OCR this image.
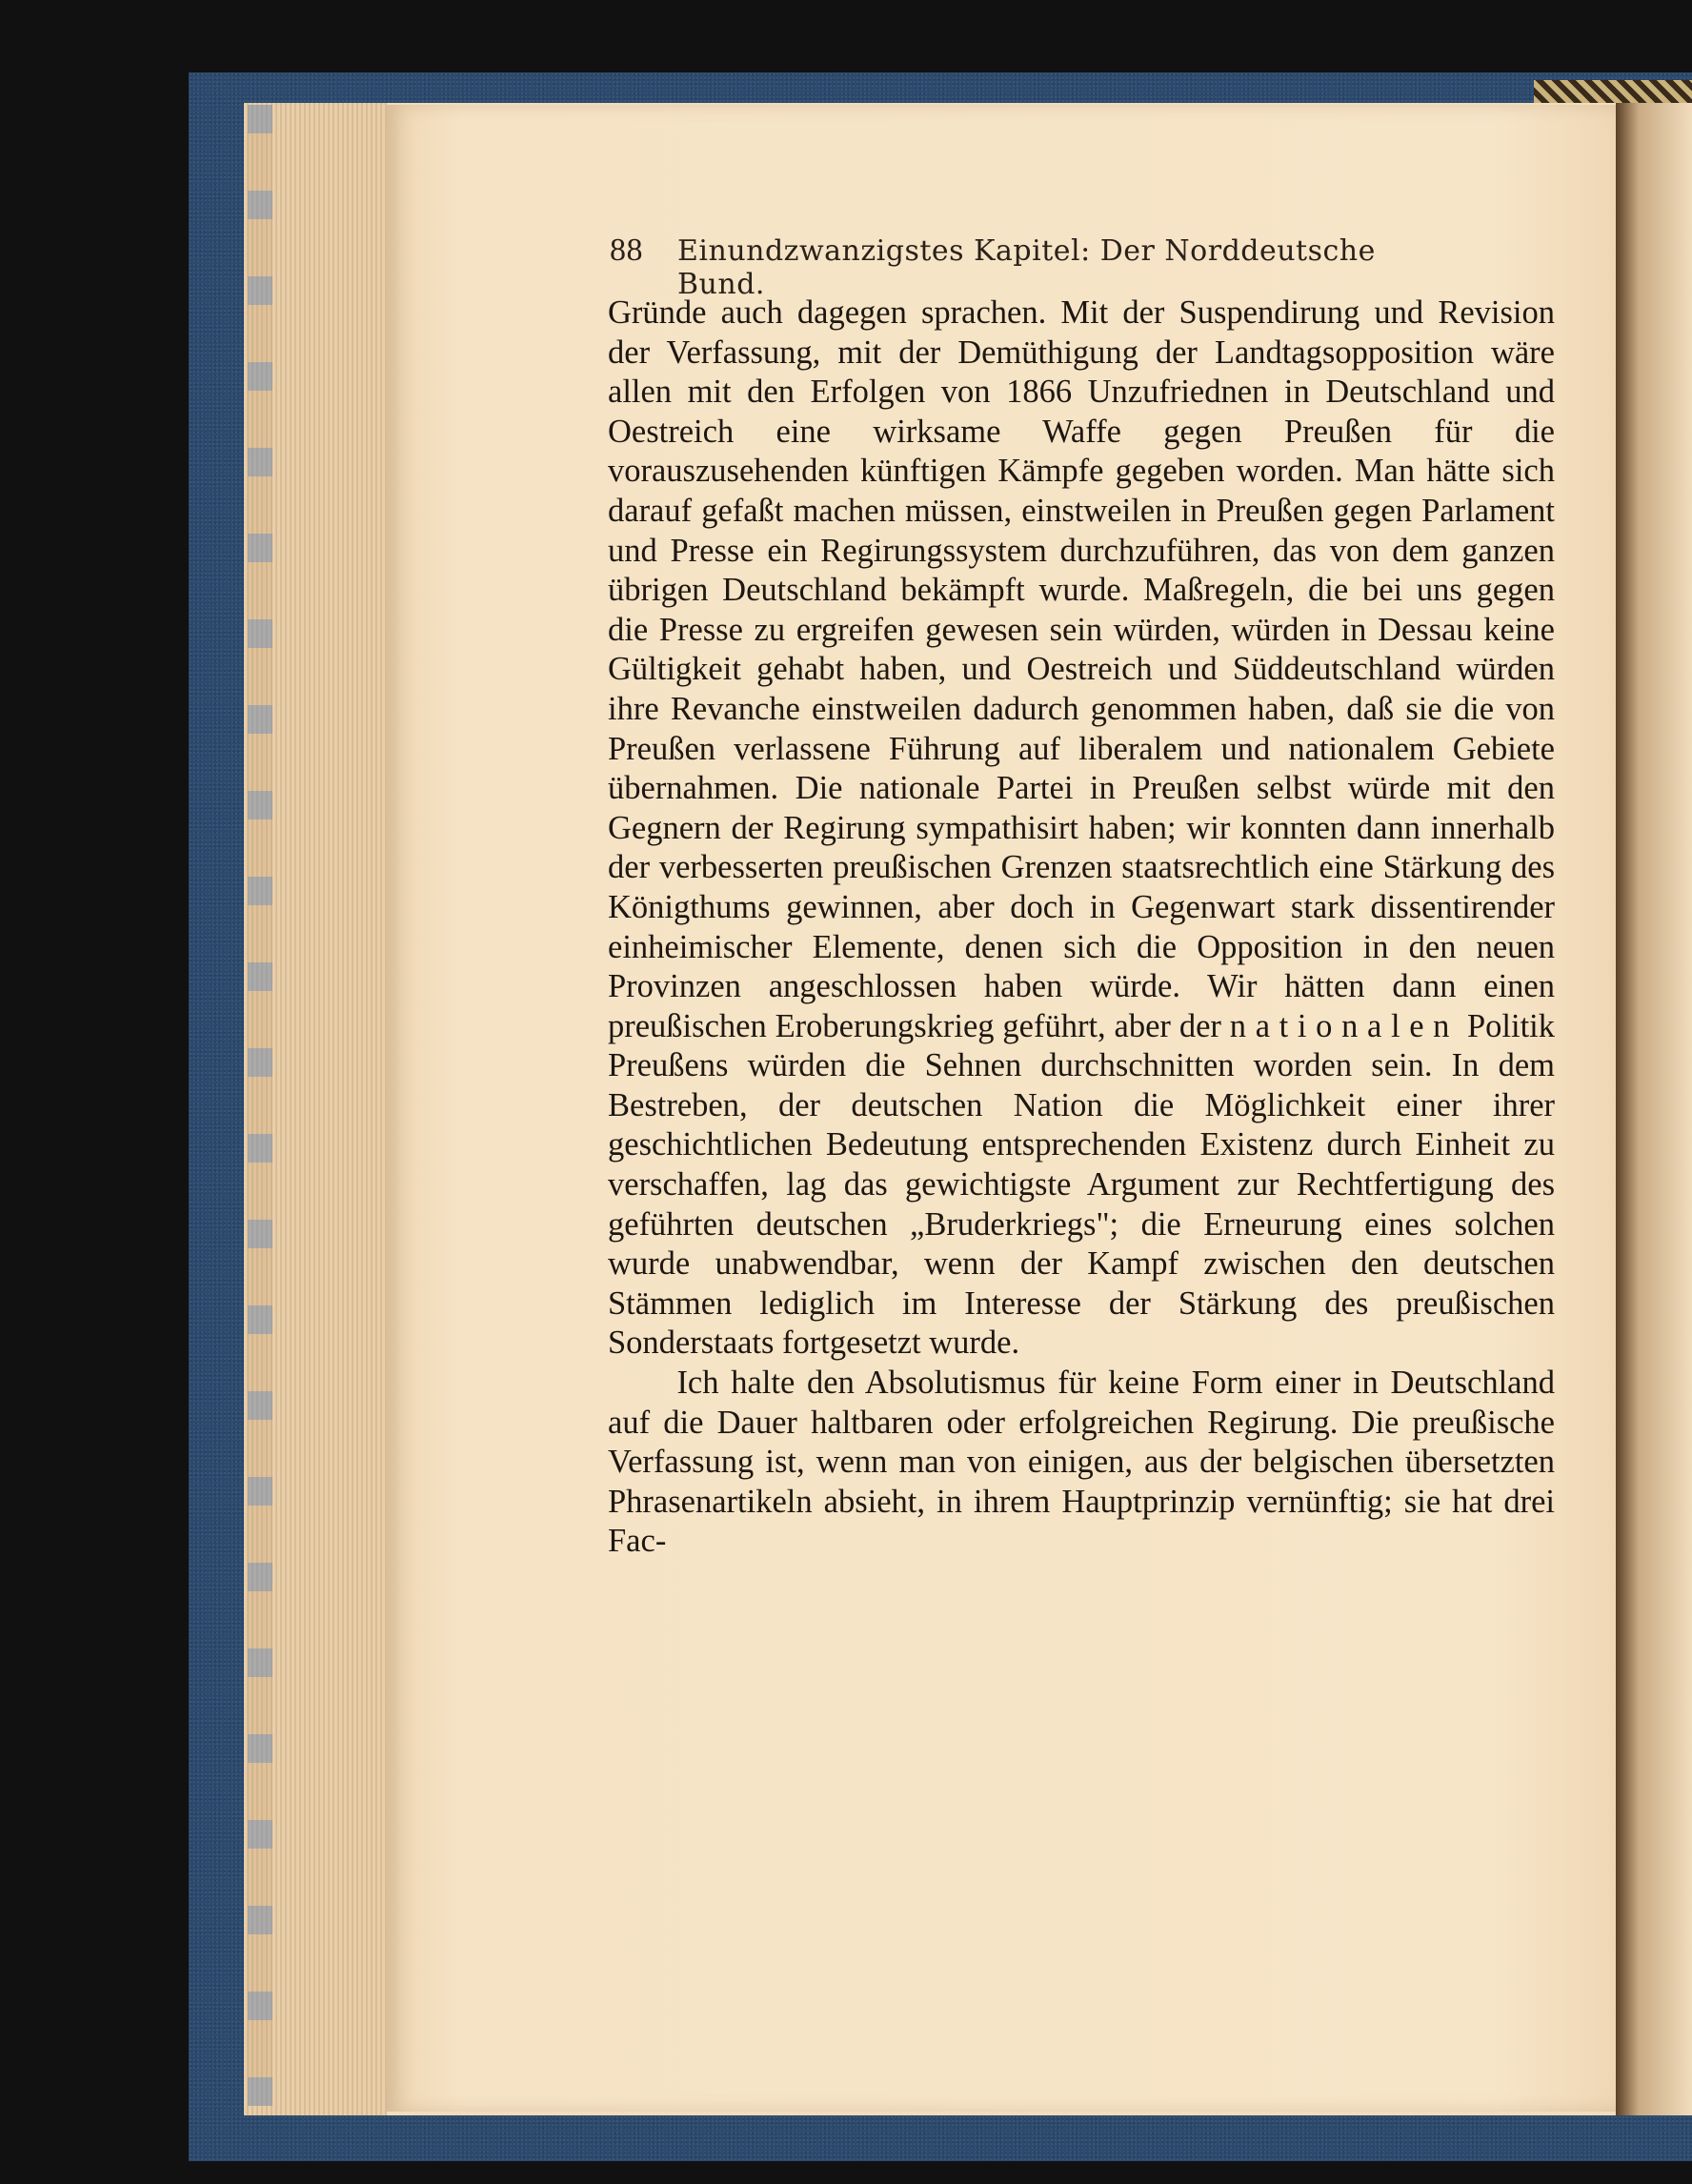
88 Einundzwanzigstes Kapitel: Der Norddeutsche Bund.

Gründe auch dagegen sprachen. Mit der Suspendirung und Revision der Verfassung, mit der Demüthigung der Landtagsopposition wäre allen mit den Erfolgen von 1866 Unzufriednen in Deutschland und Oestreich eine wirksame Waffe gegen Preußen für die vorauszusehenden künftigen Kämpfe gegeben worden. Man hätte sich darauf gefaßt machen müssen, einstweilen in Preußen gegen Parlament und Presse ein Regirungssystem durchzuführen, das von dem ganzen übrigen Deutschland bekämpft wurde. Maßregeln, die bei uns gegen die Presse zu ergreifen gewesen sein würden, würden in Dessau keine Gültigkeit gehabt haben, und Oestreich und Süddeutschland würden ihre Revanche einstweilen dadurch genommen haben, daß sie die von Preußen verlassene Führung auf liberalem und nationalem Gebiete übernahmen. Die nationale Partei in Preußen selbst würde mit den Gegnern der Regirung sympathisirt haben; wir konnten dann innerhalb der verbesserten preußischen Grenzen staatsrechtlich eine Stärkung des Königthums gewinnen, aber doch in Gegenwart stark dissentirender einheimischer Elemente, denen sich die Opposition in den neuen Provinzen angeschlossen haben würde. Wir hätten dann einen preußischen Eroberungskrieg geführt, aber der nationalen Politik Preußens würden die Sehnen durchschnitten worden sein. In dem Bestreben, der deutschen Nation die Möglichkeit einer ihrer geschichtlichen Bedeutung entsprechenden Existenz durch Einheit zu verschaffen, lag das gewichtigste Argument zur Rechtfertigung des geführten deutschen „Bruderkriegs"; die Erneurung eines solchen wurde unabwendbar, wenn der Kampf zwischen den deutschen Stämmen lediglich im Interesse der Stärkung des preußischen Sonderstaats fortgesetzt wurde.

Ich halte den Absolutismus für keine Form einer in Deutschland auf die Dauer haltbaren oder erfolgreichen Regirung. Die preußische Verfassung ist, wenn man von einigen, aus der belgischen übersetzten Phrasenartikeln absieht, in ihrem Hauptprinzip vernünftig; sie hat drei Fac-
